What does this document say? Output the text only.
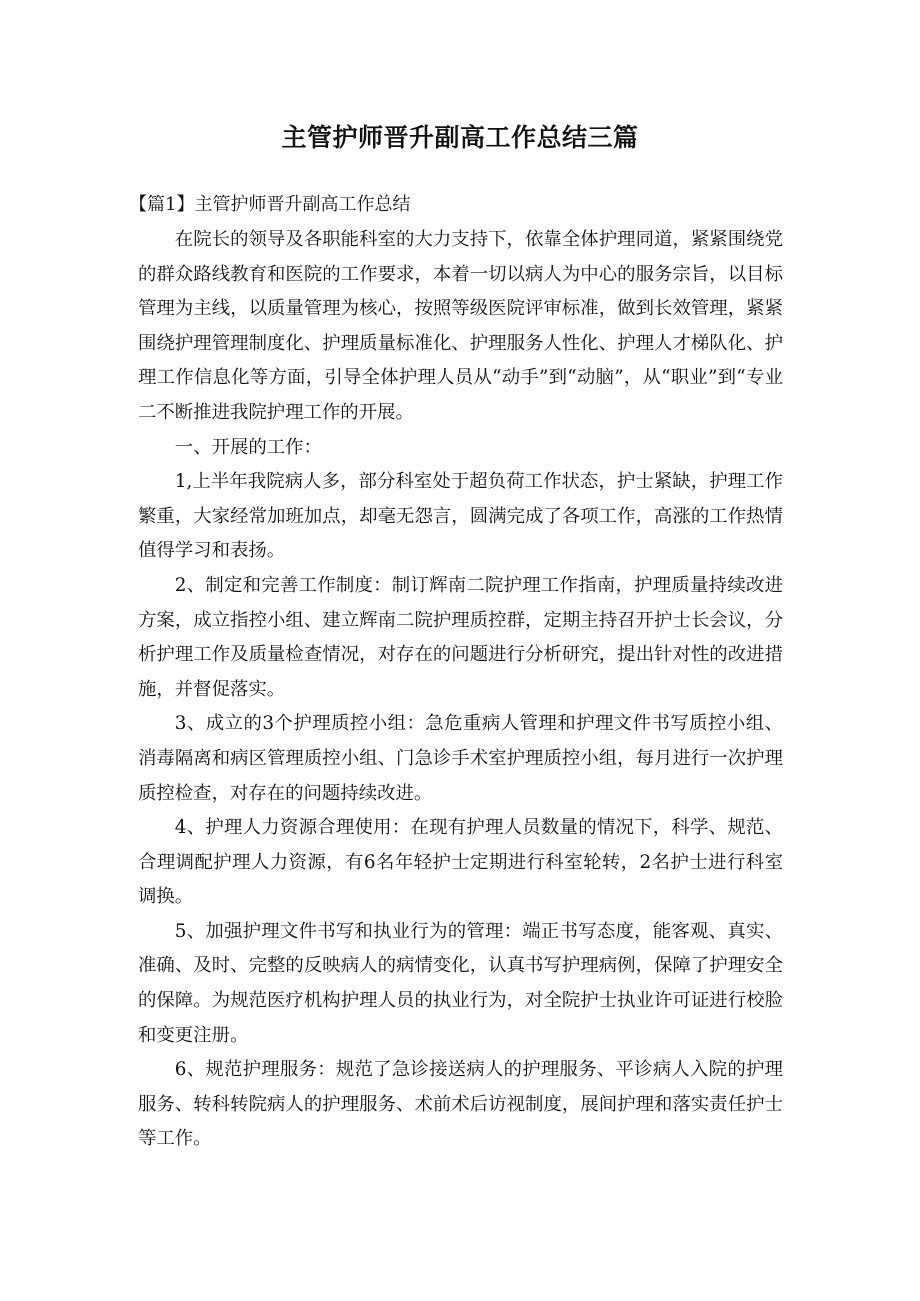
主管护师晋升副高工作总结三篇
【篇1】主管护师晋升副高工作总结

在院长的领导及各职能科室的大力支持下，依靠全体护理同道，紧紧围绕党的群众路线教育和医院的工作要求，本着一切以病人为中心的服务宗旨，以目标管理为主线，以质量管理为核心，按照等级医院评审标准，做到长效管理，紧紧围绕护理管理制度化、护理质量标准化、护理服务人性化、护理人才梯队化、护理工作信息化等方面，引导全体护理人员从“动手”到“动脑”，从“职业”到“专业二不断推进我院护理工作的开展。

一、开展的工作：

1,上半年我院病人多，部分科室处于超负荷工作状态，护士紧缺，护理工作繁重，大家经常加班加点，却毫无怨言，圆满完成了各项工作，高涨的工作热情值得学习和表扬。

2、制定和完善工作制度：制订辉南二院护理工作指南，护理质量持续改进方案，成立指控小组、建立辉南二院护理质控群，定期主持召开护士长会议，分析护理工作及质量检查情况，对存在的问题进行分析研究，提出针对性的改进措施，并督促落实。

3、成立的3个护理质控小组：急危重病人管理和护理文件书写质控小组、消毒隔离和病区管理质控小组、门急诊手术室护理质控小组，每月进行一次护理质控检查，对存在的问题持续改进。

4、护理人力资源合理使用：在现有护理人员数量的情况下，科学、规范、合理调配护理人力资源，有6名年轻护士定期进行科室轮转，2名护士进行科室调换。

5、加强护理文件书写和执业行为的管理：端正书写态度，能客观、真实、准确、及时、完整的反映病人的病情变化，认真书写护理病例，保障了护理安全的保障。为规范医疗机构护理人员的执业行为，对全院护士执业许可证进行校脸和变更注册。

6、规范护理服务：规范了急诊接送病人的护理服务、平诊病人入院的护理服务、转科转院病人的护理服务、术前术后访视制度，展间护理和落实责任护士等工作。
